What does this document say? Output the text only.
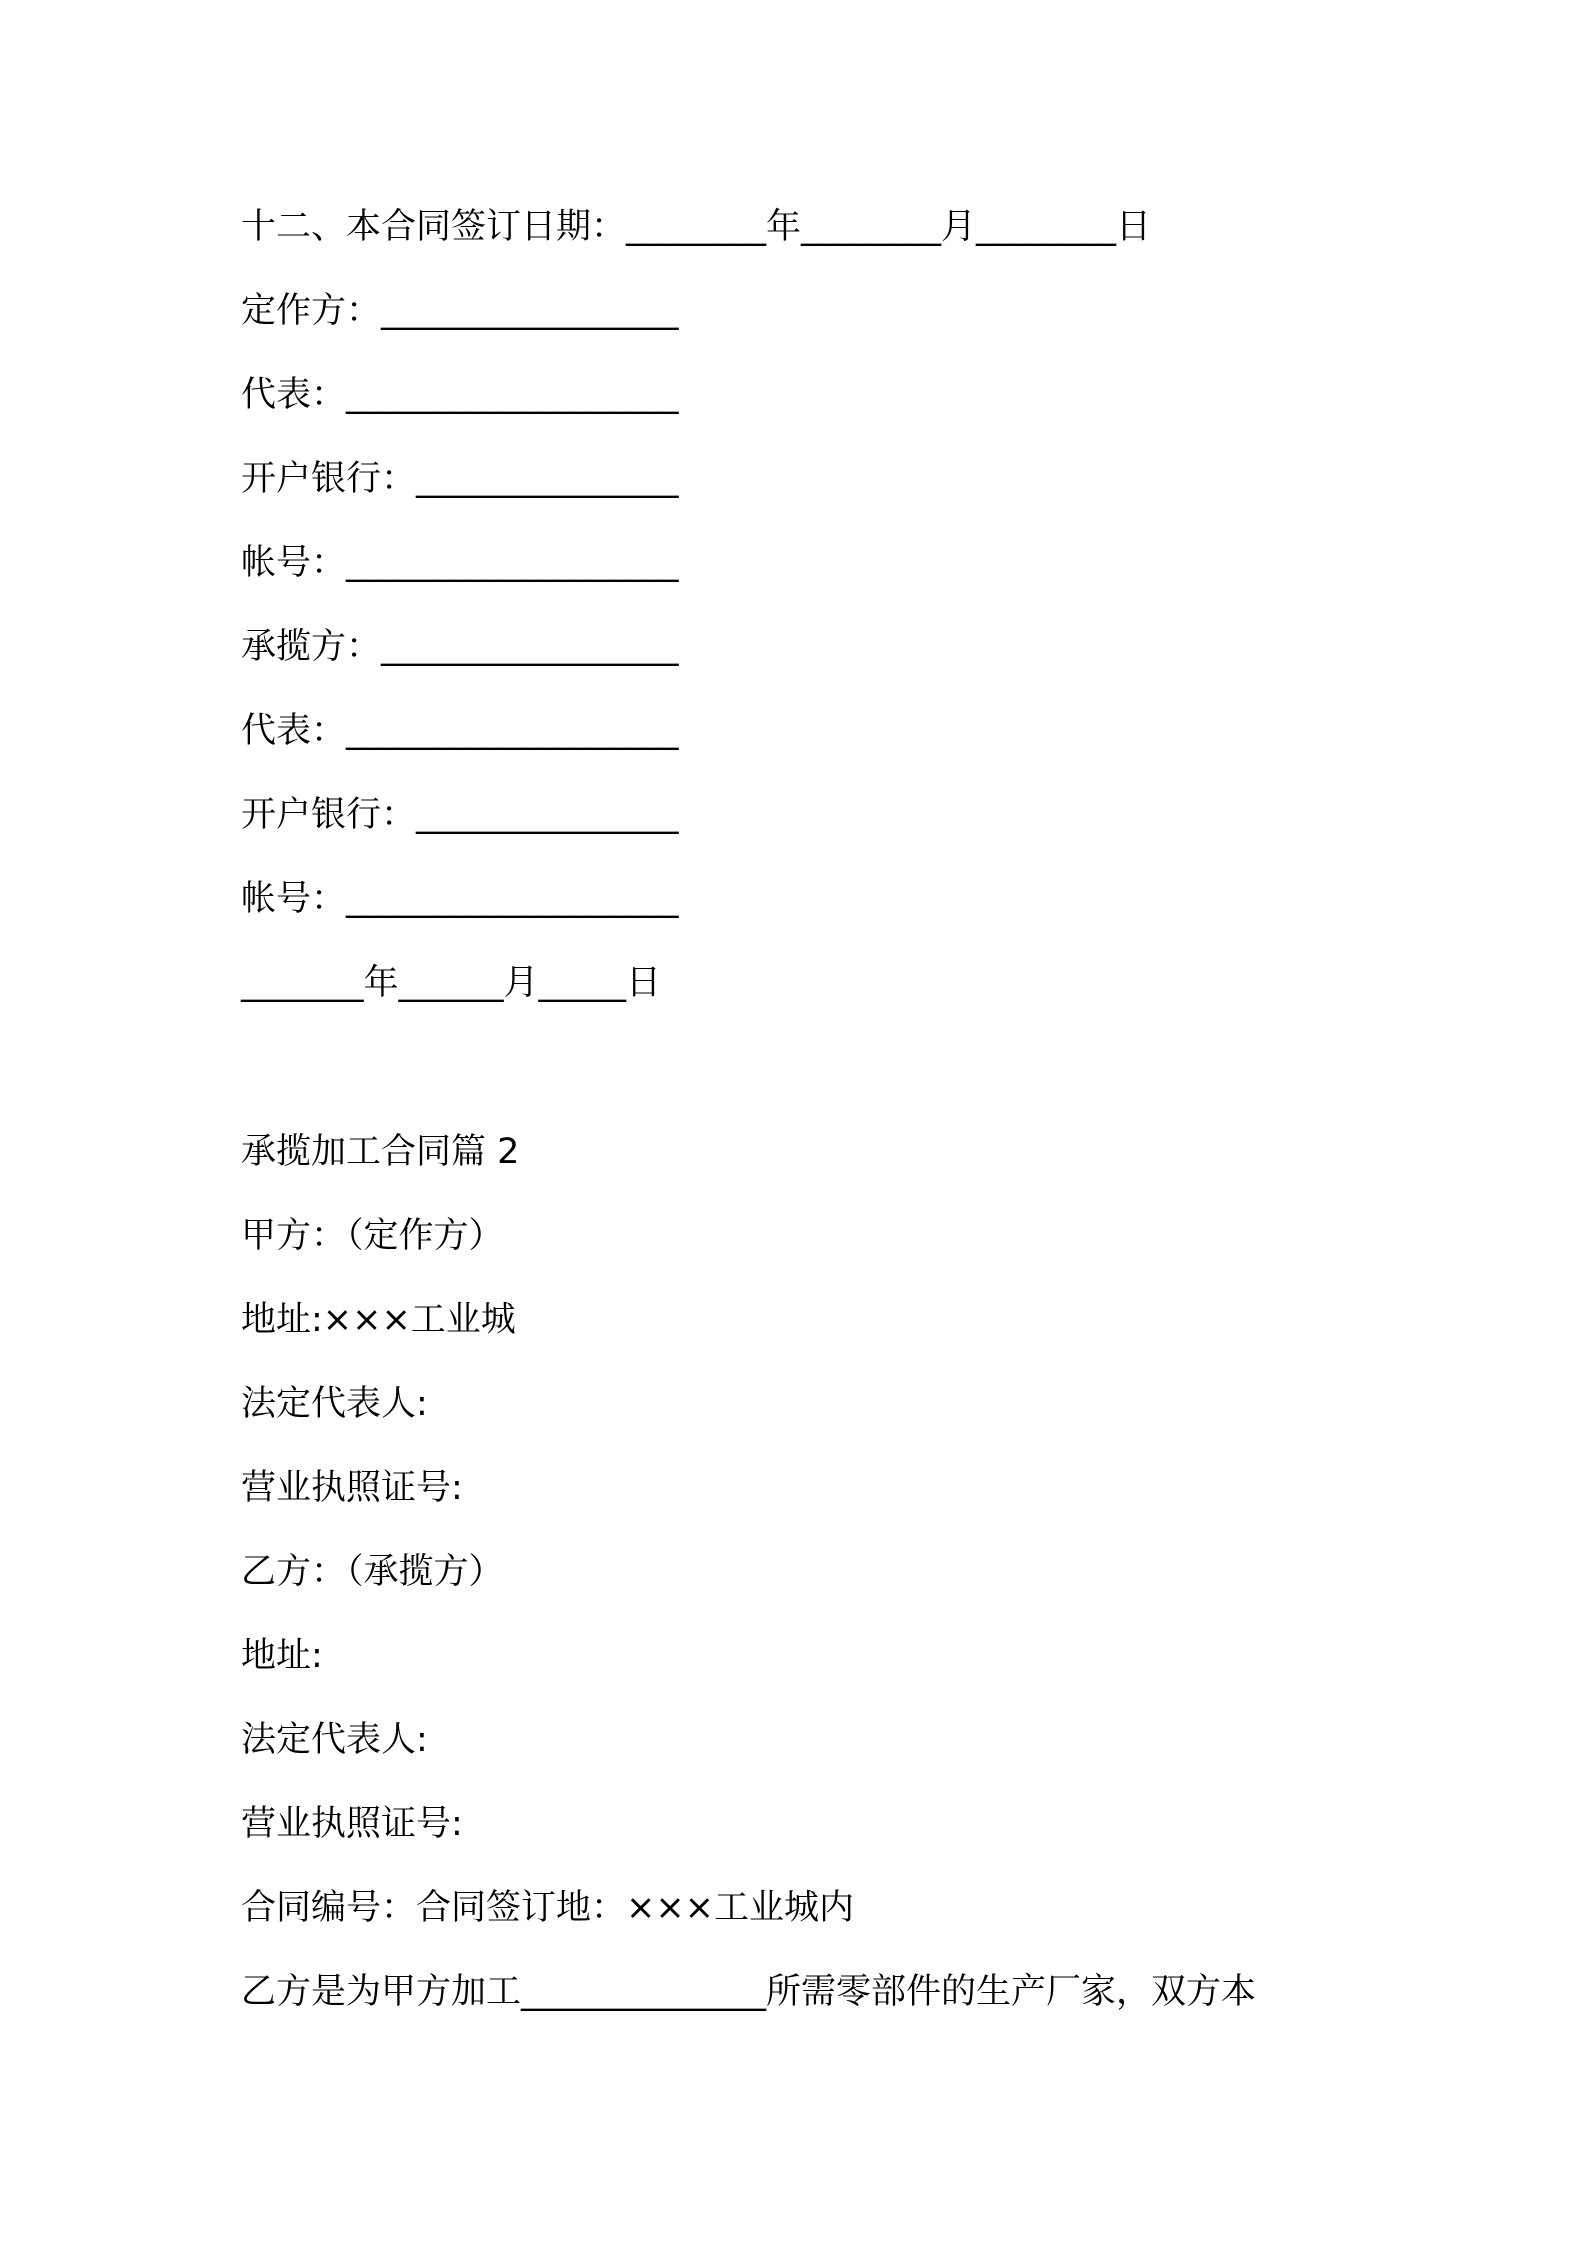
十二、本合同签订日期：________年________月________日
定作方：_________________
代表：___________________
开户银行：_______________
帐号：___________________
承揽方：_________________
代表：___________________
开户银行：_______________
帐号：___________________
_______年______月_____日
承揽加工合同篇 2
甲方：（定作方）
地址:×××工业城
法定代表人:
营业执照证号:
乙方：（承揽方）
地址:
法定代表人:
营业执照证号:
合同编号：合同签订地：×××工业城内
乙方是为甲方加工______________所需零部件的生产厂家，双方本
